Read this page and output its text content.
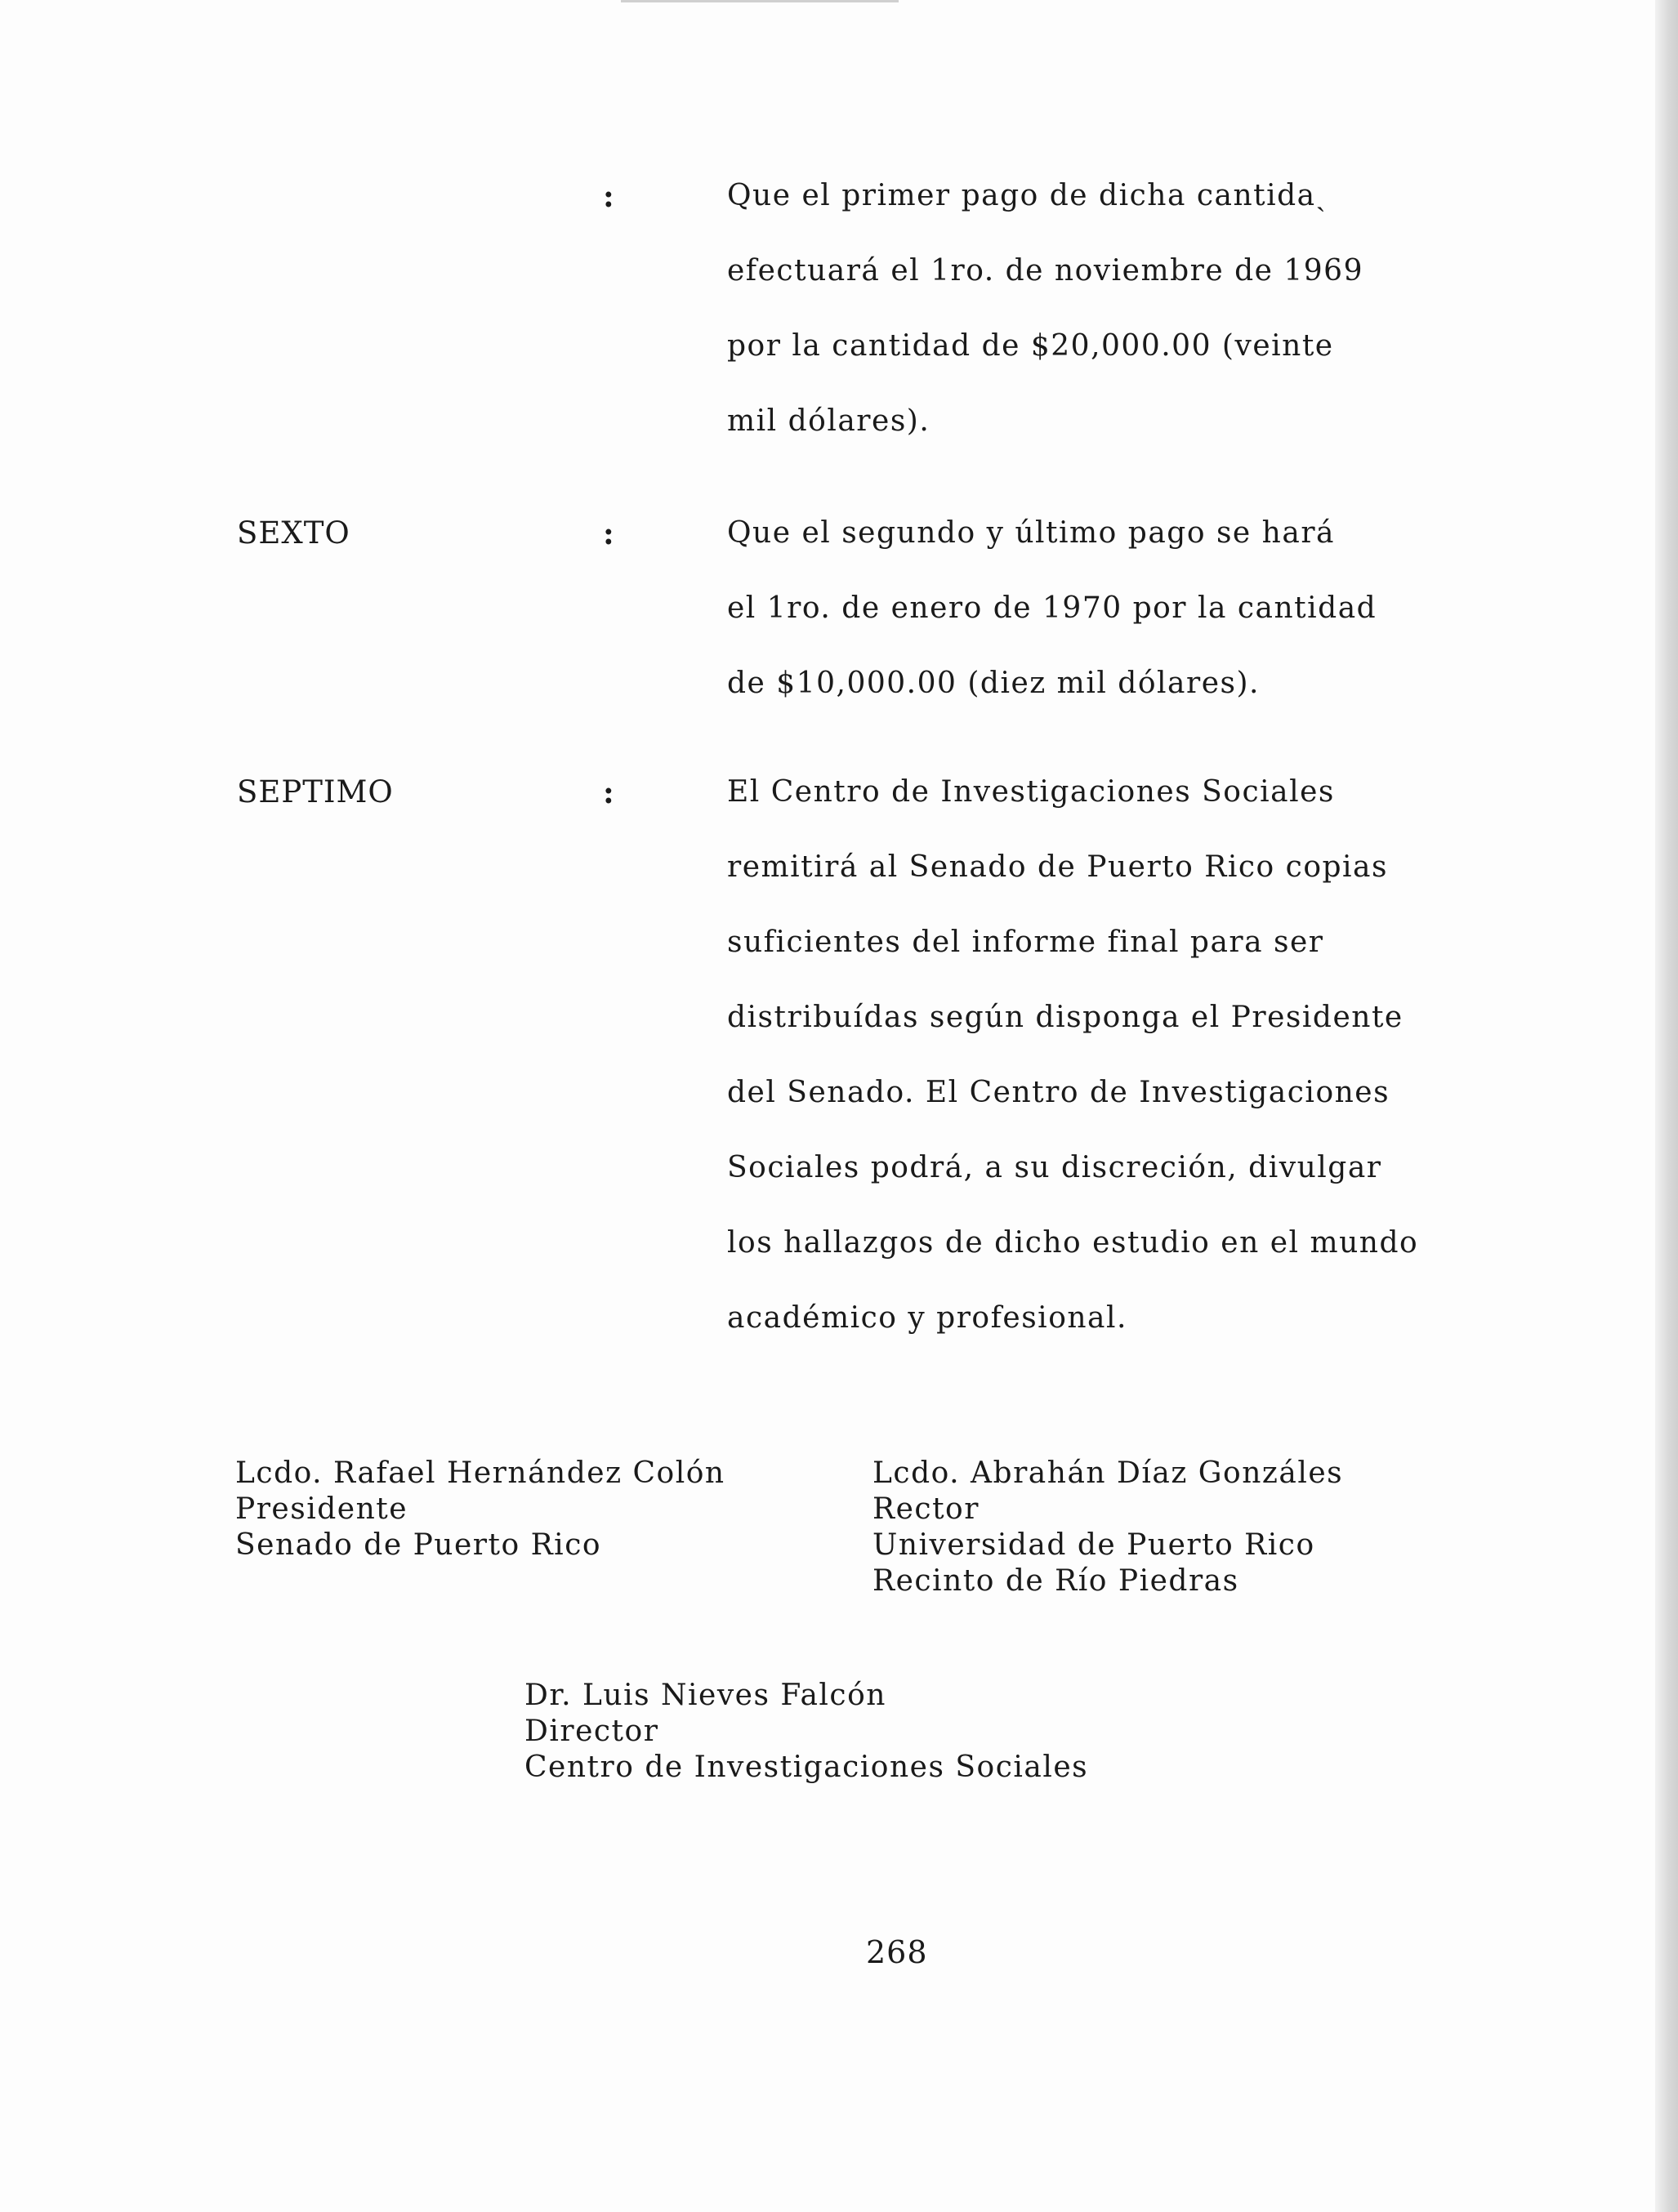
:	Que el primer pago de dicha cantidaˎ
efectuará el 1ro. de noviembre de 1969
por la cantidad de $20,000.00 (veinte
mil dólares).
SEXTO	:	Que el segundo y último pago se hará
el 1ro. de enero de 1970 por la cantidad
de $10,000.00 (diez mil dólares).
SEPTIMO	:	El Centro de Investigaciones Sociales
remitirá al Senado de Puerto Rico copias
suficientes del informe final para ser
distribuídas según disponga el Presidente
del Senado. El Centro de Investigaciones
Sociales podrá, a su discreción, divulgar
los hallazgos de dicho estudio en el mundo
académico y profesional.
Lcdo. Rafael Hernández Colón
Presidente
Senado de Puerto Rico
Lcdo. Abrahán Díaz Gonzáles
Rector
Universidad de Puerto Rico
Recinto de Río Piedras
Dr. Luis Nieves Falcón
Director
Centro de Investigaciones Sociales
268
